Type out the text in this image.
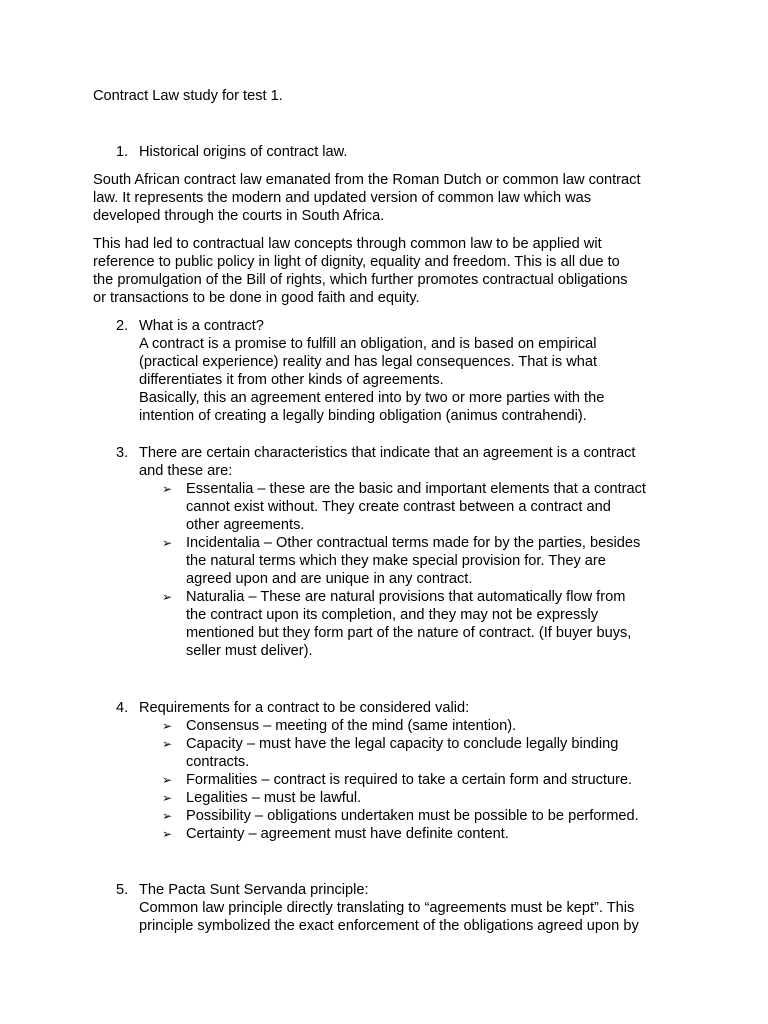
Contract Law study for test 1.
1. Historical origins of contract law.
South African contract law emanated from the Roman Dutch or common law contract
law. It represents the modern and updated version of common law which was
developed through the courts in South Africa.
This had led to contractual law concepts through common law to be applied wit
reference to public policy in light of dignity, equality and freedom. This is all due to
the promulgation of the Bill of rights, which further promotes contractual obligations
or transactions to be done in good faith and equity.
2. What is a contract?
A contract is a promise to fulfill an obligation, and is based on empirical
(practical experience) reality and has legal consequences. That is what
differentiates it from other kinds of agreements.
Basically, this an agreement entered into by two or more parties with the
intention of creating a legally binding obligation (animus contrahendi).
3. There are certain characteristics that indicate that an agreement is a contract
and these are:
➢ Essentalia – these are the basic and important elements that a contract
cannot exist without. They create contrast between a contract and
other agreements.
➢ Incidentalia – Other contractual terms made for by the parties, besides
the natural terms which they make special provision for. They are
agreed upon and are unique in any contract.
➢ Naturalia – These are natural provisions that automatically flow from
the contract upon its completion, and they may not be expressly
mentioned but they form part of the nature of contract. (If buyer buys,
seller must deliver).
4. Requirements for a contract to be considered valid:
➢ Consensus – meeting of the mind (same intention).
➢ Capacity – must have the legal capacity to conclude legally binding
contracts.
➢ Formalities – contract is required to take a certain form and structure.
➢ Legalities – must be lawful.
➢ Possibility – obligations undertaken must be possible to be performed.
➢ Certainty – agreement must have definite content.
5. The Pacta Sunt Servanda principle:
Common law principle directly translating to “agreements must be kept”. This
principle symbolized the exact enforcement of the obligations agreed upon by
